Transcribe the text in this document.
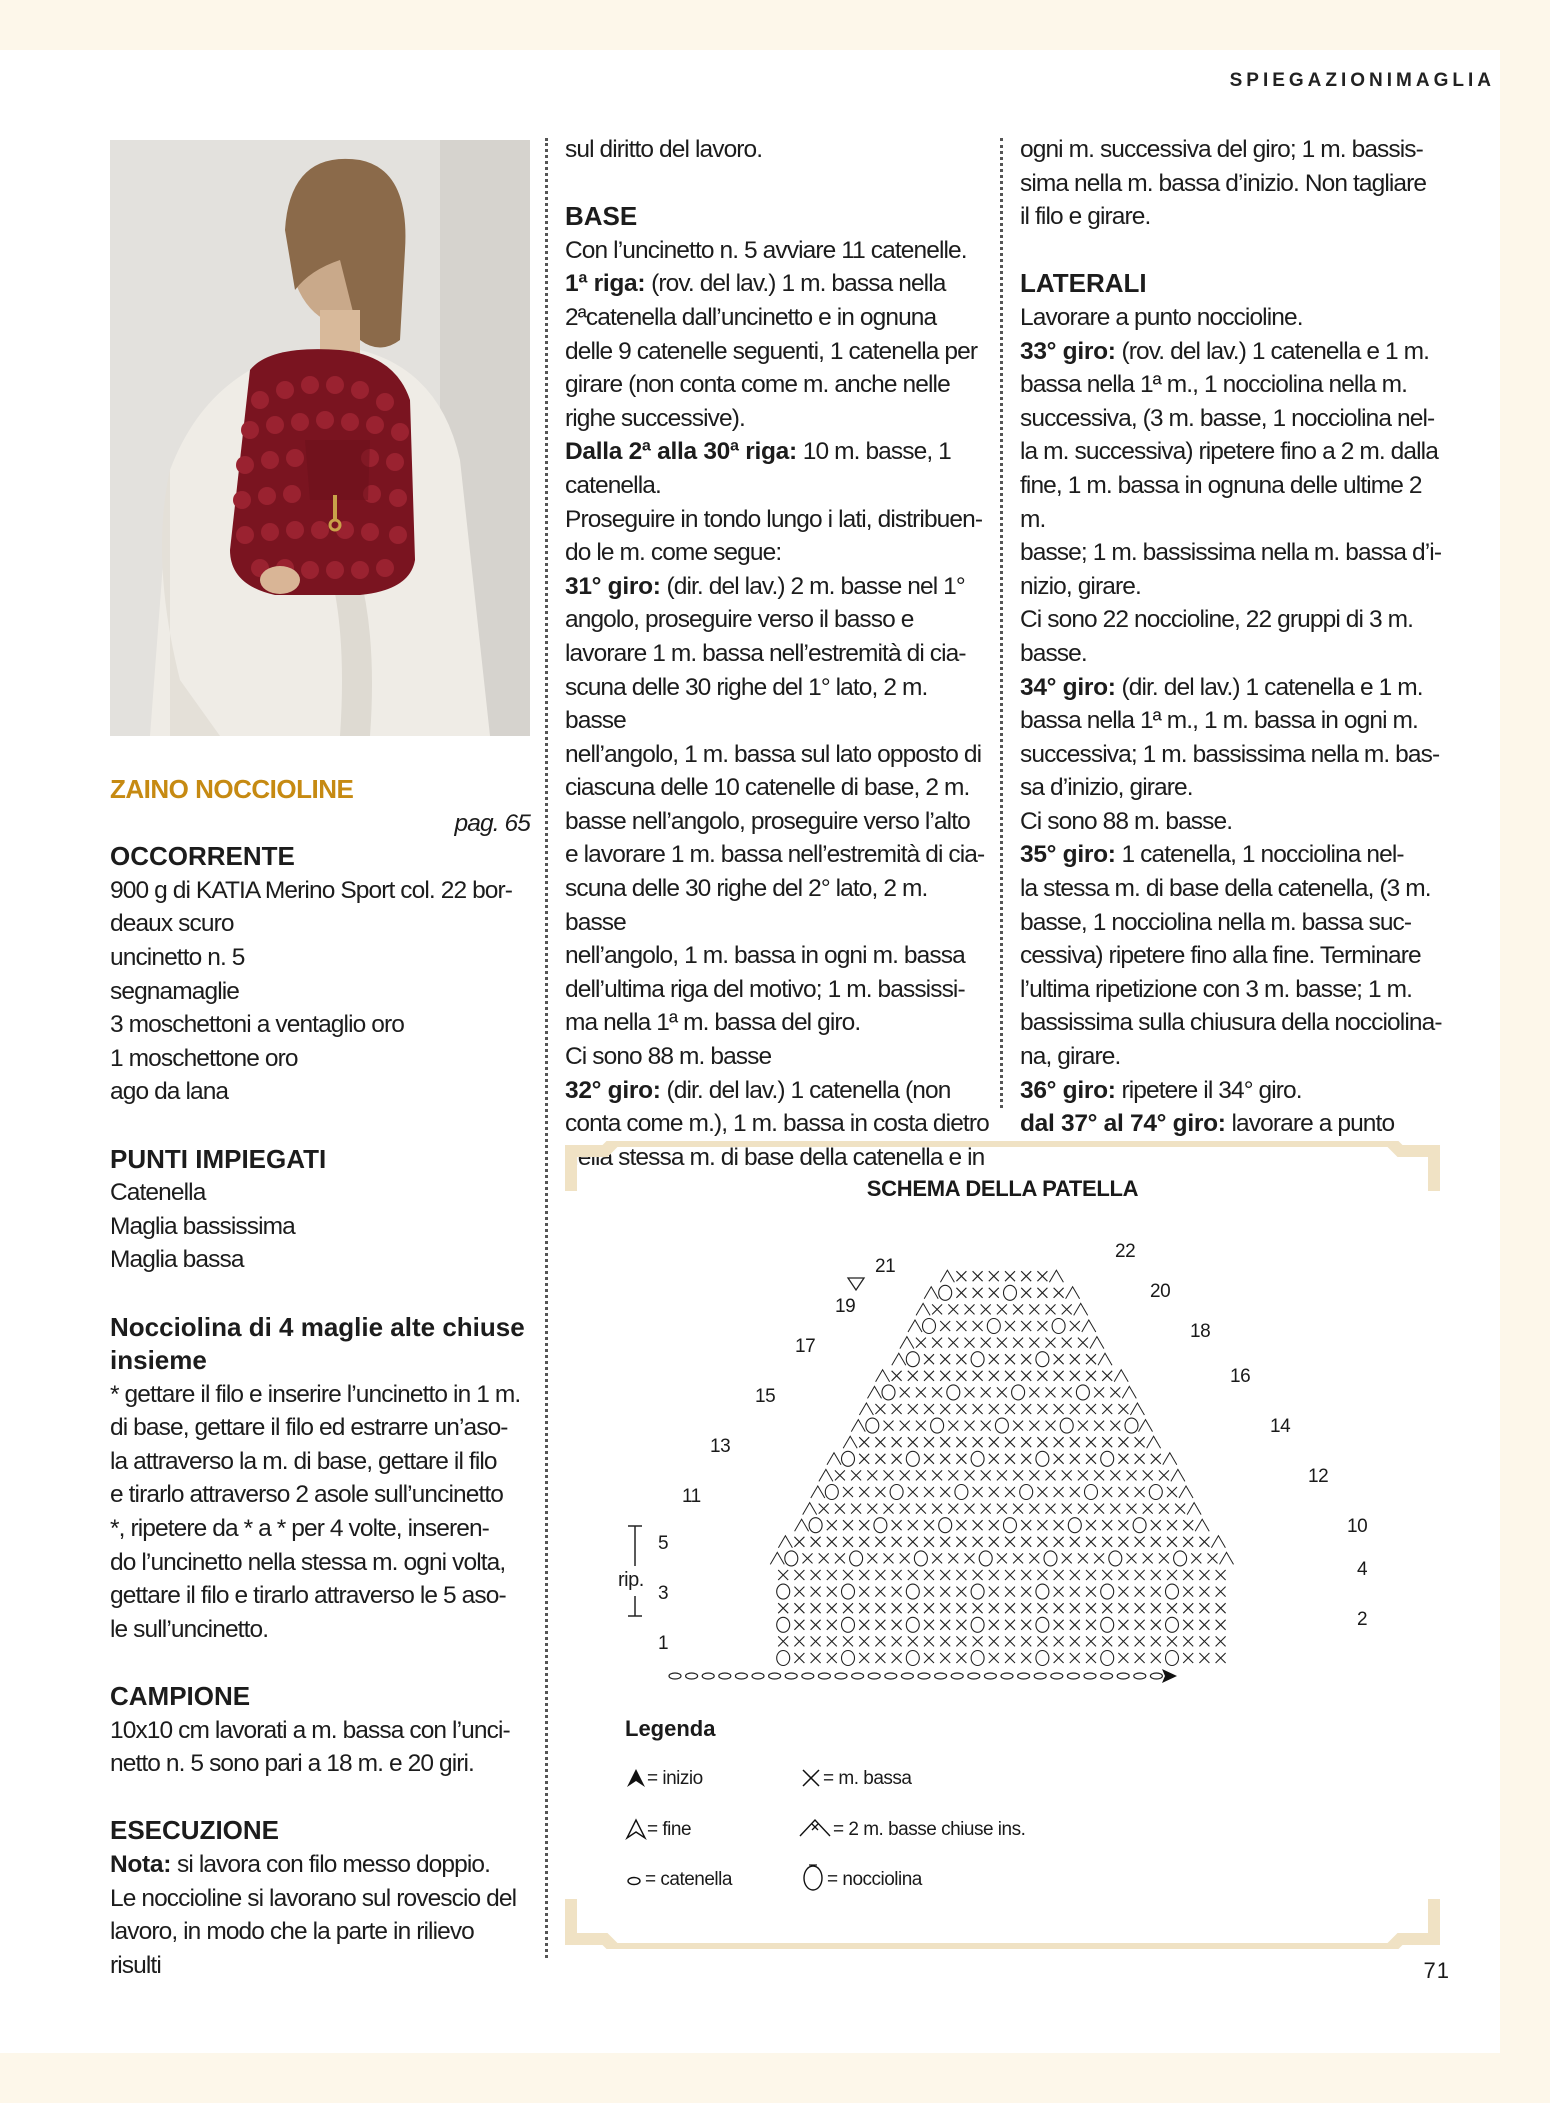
SPIEGAZIONIMAGLIA

ZAINO NOCCIOLINE

pag. 65

OCCORRENTE

900 g di KATIA Merino Sport col. 22 bor-

deaux scuro

uncinetto n. 5

segnamaglie

3 moschettoni a ventaglio oro

1 moschettone oro

ago da lana

PUNTI IMPIEGATI

Catenella

Maglia bassissima

Maglia bassa

Nocciolina di 4 maglie alte chiuse

insieme

* gettare il filo e inserire l’uncinetto in 1 m.

di base, gettare il filo ed estrarre un’aso-

la attraverso la m. di base, gettare il filo

e tirarlo attraverso 2 asole sull’uncinetto

*, ripetere da * a * per 4 volte, inseren-

do l’uncinetto nella stessa m. ogni volta,

gettare il filo e tirarlo attraverso le 5 aso-

le sull’uncinetto.

CAMPIONE

10x10 cm lavorati a m. bassa con l’unci-

netto n. 5 sono pari a 18 m. e 20 giri.

ESECUZIONE

Nota: si lavora con filo messo doppio.

Le noccioline si lavorano sul rovescio del

lavoro, in modo che la parte in rilievo risulti

sul diritto del lavoro.

BASE

Con l’uncinetto n. 5 avviare 11 catenelle.

1ª riga: (rov. del lav.) 1 m. bassa nella

2ªcatenella dall’uncinetto e in ognuna

delle 9 catenelle seguenti, 1 catenella per

girare (non conta come m. anche nelle

righe successive).

Dalla 2ª alla 30ª riga: 10 m. basse, 1

catenella.

Proseguire in tondo lungo i lati, distribuen-

do le m. come segue:

31° giro: (dir. del lav.) 2 m. basse nel 1°

angolo, proseguire verso il basso e

lavorare 1 m. bassa nell’estremità di cia-

scuna delle 30 righe del 1° lato, 2 m. basse

nell’angolo, 1 m. bassa sul lato opposto di

ciascuna delle 10 catenelle di base, 2 m.

basse nell’angolo, proseguire verso l’alto

e lavorare 1 m. bassa nell’estremità di cia-

scuna delle 30 righe del 2° lato, 2 m. basse

nell’angolo, 1 m. bassa in ogni m. bassa

dell’ultima riga del motivo; 1 m. bassissi-

ma nella 1ª m. bassa del giro.

Ci sono 88 m. basse

32° giro: (dir. del lav.) 1 catenella (non

conta come m.), 1 m. bassa in costa dietro

nella stessa m. di base della catenella e in

ogni m. successiva del giro; 1 m. bassis-

sima nella m. bassa d’inizio. Non tagliare

il filo e girare.

LATERALI

Lavorare a punto noccioline.

33° giro: (rov. del lav.) 1 catenella e 1 m.

bassa nella 1ª m., 1 nocciolina nella m.

successiva, (3 m. basse, 1 nocciolina nel-

la m. successiva) ripetere fino a 2 m. dalla

fine, 1 m. bassa in ognuna delle ultime 2 m.

basse; 1 m. bassissima nella m. bassa d’i-

nizio, girare.

Ci sono 22 noccioline, 22 gruppi di 3 m.

basse.

34° giro: (dir. del lav.) 1 catenella e 1 m.

bassa nella 1ª m., 1 m. bassa in ogni m.

successiva; 1 m. bassissima nella m. bas-

sa d’inizio, girare.

Ci sono 88 m. basse.

35° giro: 1 catenella, 1 nocciolina nel-

la stessa m. di base della catenella, (3 m.

basse, 1 nocciolina nella m. bassa suc-

cessiva) ripetere fino alla fine. Terminare

l’ultima ripetizione con 3 m. basse; 1 m.

bassissima sulla chiusura della nocciolina-

na, girare.

36° giro: ripetere il 34° giro.

dal 37° al 74° giro: lavorare a punto

SCHEMA DELLA PATELLA
1
3
5
11
13
15
17
19
21
2
4
10
12
14
16
18
20
22
rip.
Legenda
= inizio
= fine
= catenella
= m. bassa
= 2 m. basse chiuse ins.
= nocciolina
71
